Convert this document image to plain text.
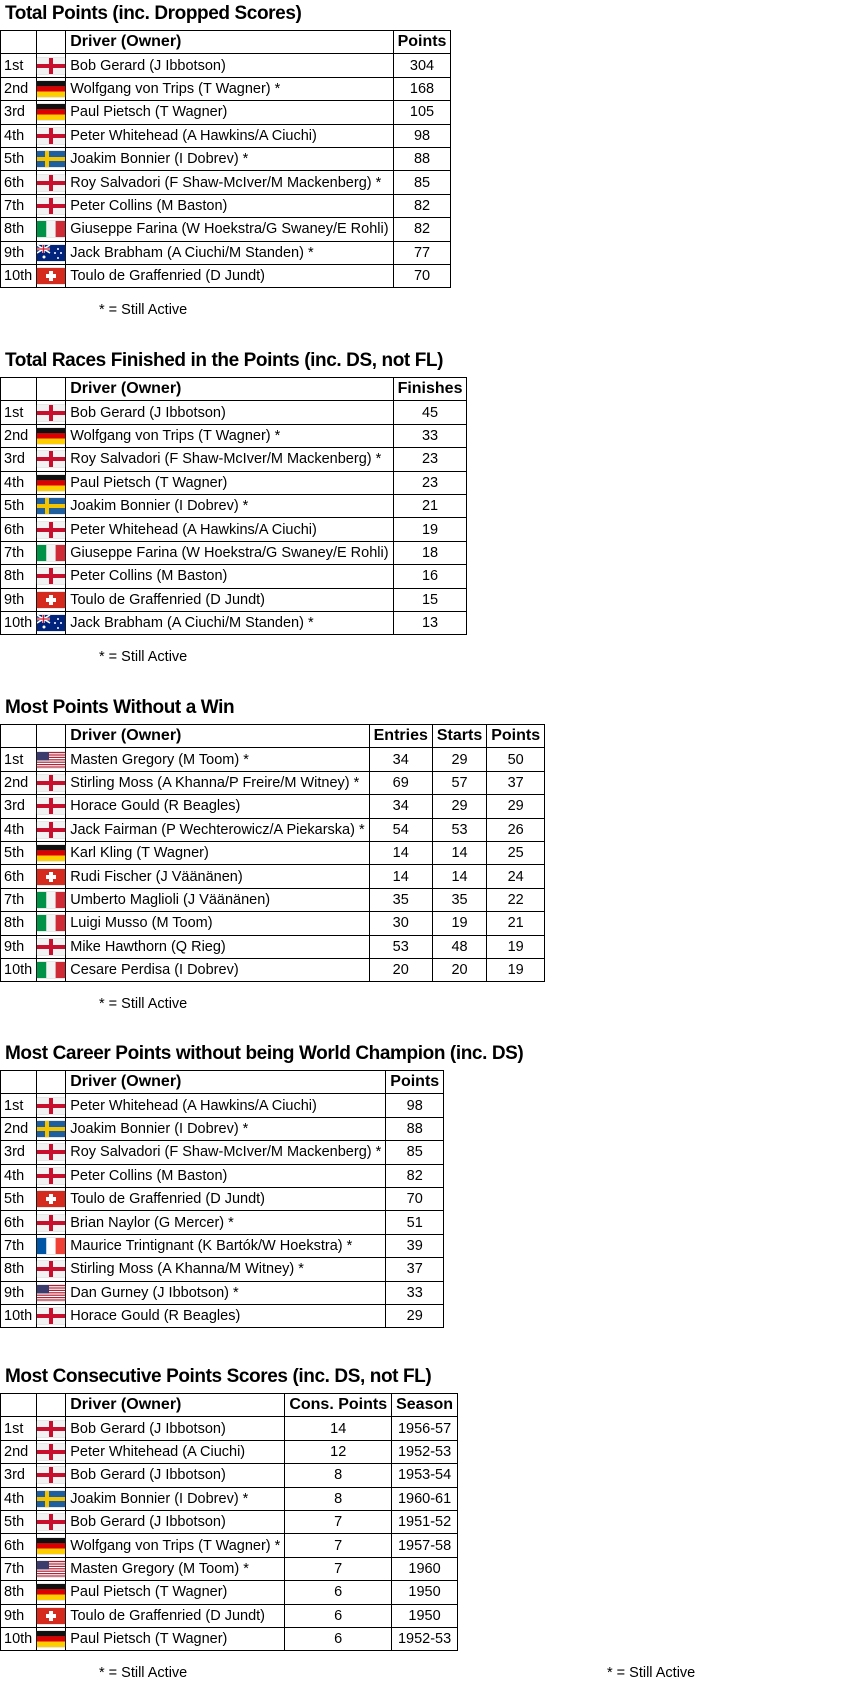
Total Points (inc. Dropped Scores)
		Driver (Owner)	Points
1st		Bob Gerard (J Ibbotson)	304
2nd		Wolfgang von Trips (T Wagner) *	168
3rd		Paul Pietsch (T Wagner)	105
4th		Peter Whitehead (A Hawkins/A Ciuchi)	98
5th		Joakim Bonnier (I Dobrev) *	88
6th		Roy Salvadori (F Shaw-McIver/M Mackenberg) *	85
7th		Peter Collins (M Baston)	82
8th		Giuseppe Farina (W Hoekstra/G Swaney/E Rohli)	82
9th		Jack Brabham (A Ciuchi/M Standen) *	77
10th		Toulo de Graffenried (D Jundt)	70
* = Still Active
Total Races Finished in the Points (inc. DS, not FL)
		Driver (Owner)	Finishes
1st		Bob Gerard (J Ibbotson)	45
2nd		Wolfgang von Trips (T Wagner) *	33
3rd		Roy Salvadori (F Shaw-McIver/M Mackenberg) *	23
4th		Paul Pietsch (T Wagner)	23
5th		Joakim Bonnier (I Dobrev) *	21
6th		Peter Whitehead (A Hawkins/A Ciuchi)	19
7th		Giuseppe Farina (W Hoekstra/G Swaney/E Rohli)	18
8th		Peter Collins (M Baston)	16
9th		Toulo de Graffenried (D Jundt)	15
10th		Jack Brabham (A Ciuchi/M Standen) *	13
* = Still Active
Most Points Without a Win
		Driver (Owner)	Entries	Starts	Points
1st		Masten Gregory (M Toom) *	34	29	50
2nd		Stirling Moss (A Khanna/P Freire/M Witney) *	69	57	37
3rd		Horace Gould (R Beagles)	34	29	29
4th		Jack Fairman (P Wechterowicz/A Piekarska) *	54	53	26
5th		Karl Kling (T Wagner)	14	14	25
6th		Rudi Fischer (J Väänänen)	14	14	24
7th		Umberto Maglioli (J Väänänen)	35	35	22
8th		Luigi Musso (M Toom)	30	19	21
9th		Mike Hawthorn (Q Rieg)	53	48	19
10th		Cesare Perdisa (I Dobrev)	20	20	19
* = Still Active
Most Career Points without being World Champion (inc. DS)
		Driver (Owner)	Points
1st		Peter Whitehead (A Hawkins/A Ciuchi)	98
2nd		Joakim Bonnier (I Dobrev) *	88
3rd		Roy Salvadori (F Shaw-McIver/M Mackenberg) *	85
4th		Peter Collins (M Baston)	82
5th		Toulo de Graffenried (D Jundt)	70
6th		Brian Naylor (G Mercer) *	51
7th		Maurice Trintignant (K Bartók/W Hoekstra) *	39
8th		Stirling Moss (A Khanna/M Witney) *	37
9th		Dan Gurney (J Ibbotson) *	33
10th		Horace Gould (R Beagles)	29
Most Consecutive Points Scores (inc. DS, not FL)
		Driver (Owner)	Cons. Points	Season
1st		Bob Gerard (J Ibbotson)	14	1956-57
2nd		Peter Whitehead (A Ciuchi)	12	1952-53
3rd		Bob Gerard (J Ibbotson)	8	1953-54
4th		Joakim Bonnier (I Dobrev) *	8	1960-61
5th		Bob Gerard (J Ibbotson)	7	1951-52
6th		Wolfgang von Trips (T Wagner) *	7	1957-58
7th		Masten Gregory (M Toom) *	7	1960
8th		Paul Pietsch (T Wagner)	6	1950
9th		Toulo de Graffenried (D Jundt)	6	1950
10th		Paul Pietsch (T Wagner)	6	1952-53
* = Still Active	* = Still Active
